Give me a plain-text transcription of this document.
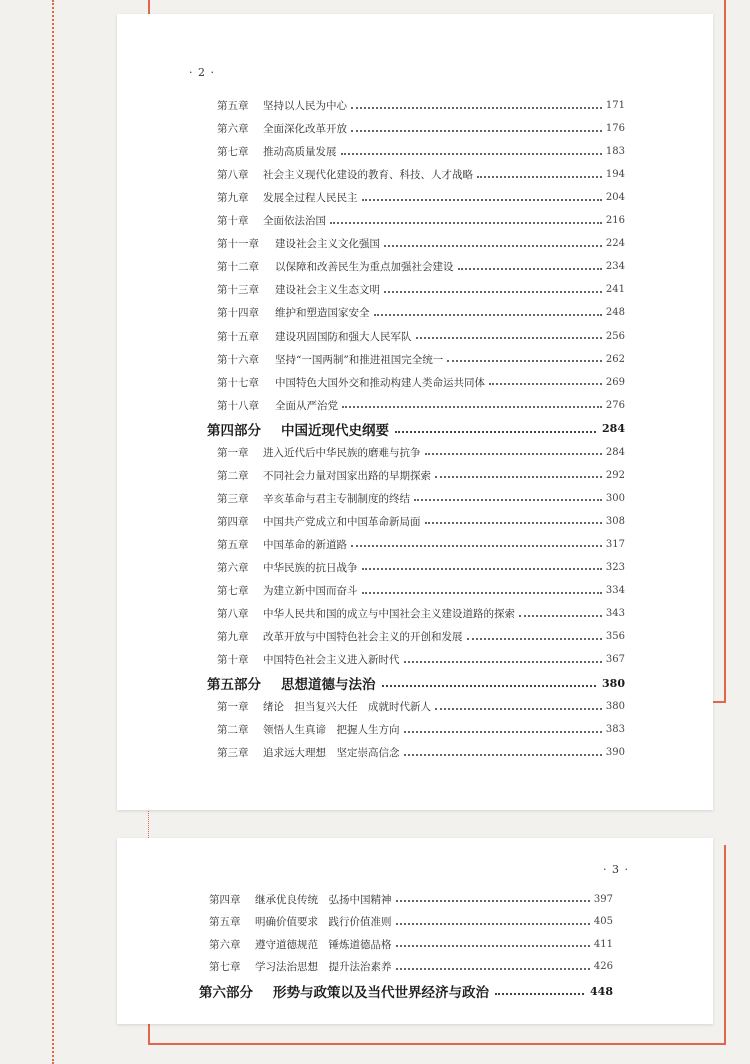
· 2 ·
第五章	坚持以人民为中心	171
第六章	全面深化改革开放	176
第七章	推动高质量发展	183
第八章	社会主义现代化建设的教育、科技、人才战略	194
第九章	发展全过程人民民主	204
第十章	全面依法治国	216
第十一章	建设社会主义文化强国	224
第十二章	以保障和改善民生为重点加强社会建设	234
第十三章	建设社会主义生态文明	241
第十四章	维护和塑造国家安全	248
第十五章	建设巩固国防和强大人民军队	256
第十六章	坚持“一国两制”和推进祖国完全统一	262
第十七章	中国特色大国外交和推动构建人类命运共同体	269
第十八章	全面从严治党	276
第四部分 中国近现代史纲要	284
第一章	进入近代后中华民族的磨难与抗争	284
第二章	不同社会力量对国家出路的早期探索	292
第三章	辛亥革命与君主专制制度的终结	300
第四章	中国共产党成立和中国革命新局面	308
第五章	中国革命的新道路	317
第六章	中华民族的抗日战争	323
第七章	为建立新中国而奋斗	334
第八章	中华人民共和国的成立与中国社会主义建设道路的探索	343
第九章	改革开放与中国特色社会主义的开创和发展	356
第十章	中国特色社会主义进入新时代	367
第五部分 思想道德与法治	380
第一章	绪论　担当复兴大任　成就时代新人	380
第二章	领悟人生真谛　把握人生方向	383
第三章	追求远大理想　坚定崇高信念	390
· 3 ·
第四章	继承优良传统　弘扬中国精神	397
第五章	明确价值要求　践行价值准则	405
第六章	遵守道德规范　锤炼道德品格	411
第七章	学习法治思想　提升法治素养	426
第六部分 形势与政策以及当代世界经济与政治	448
